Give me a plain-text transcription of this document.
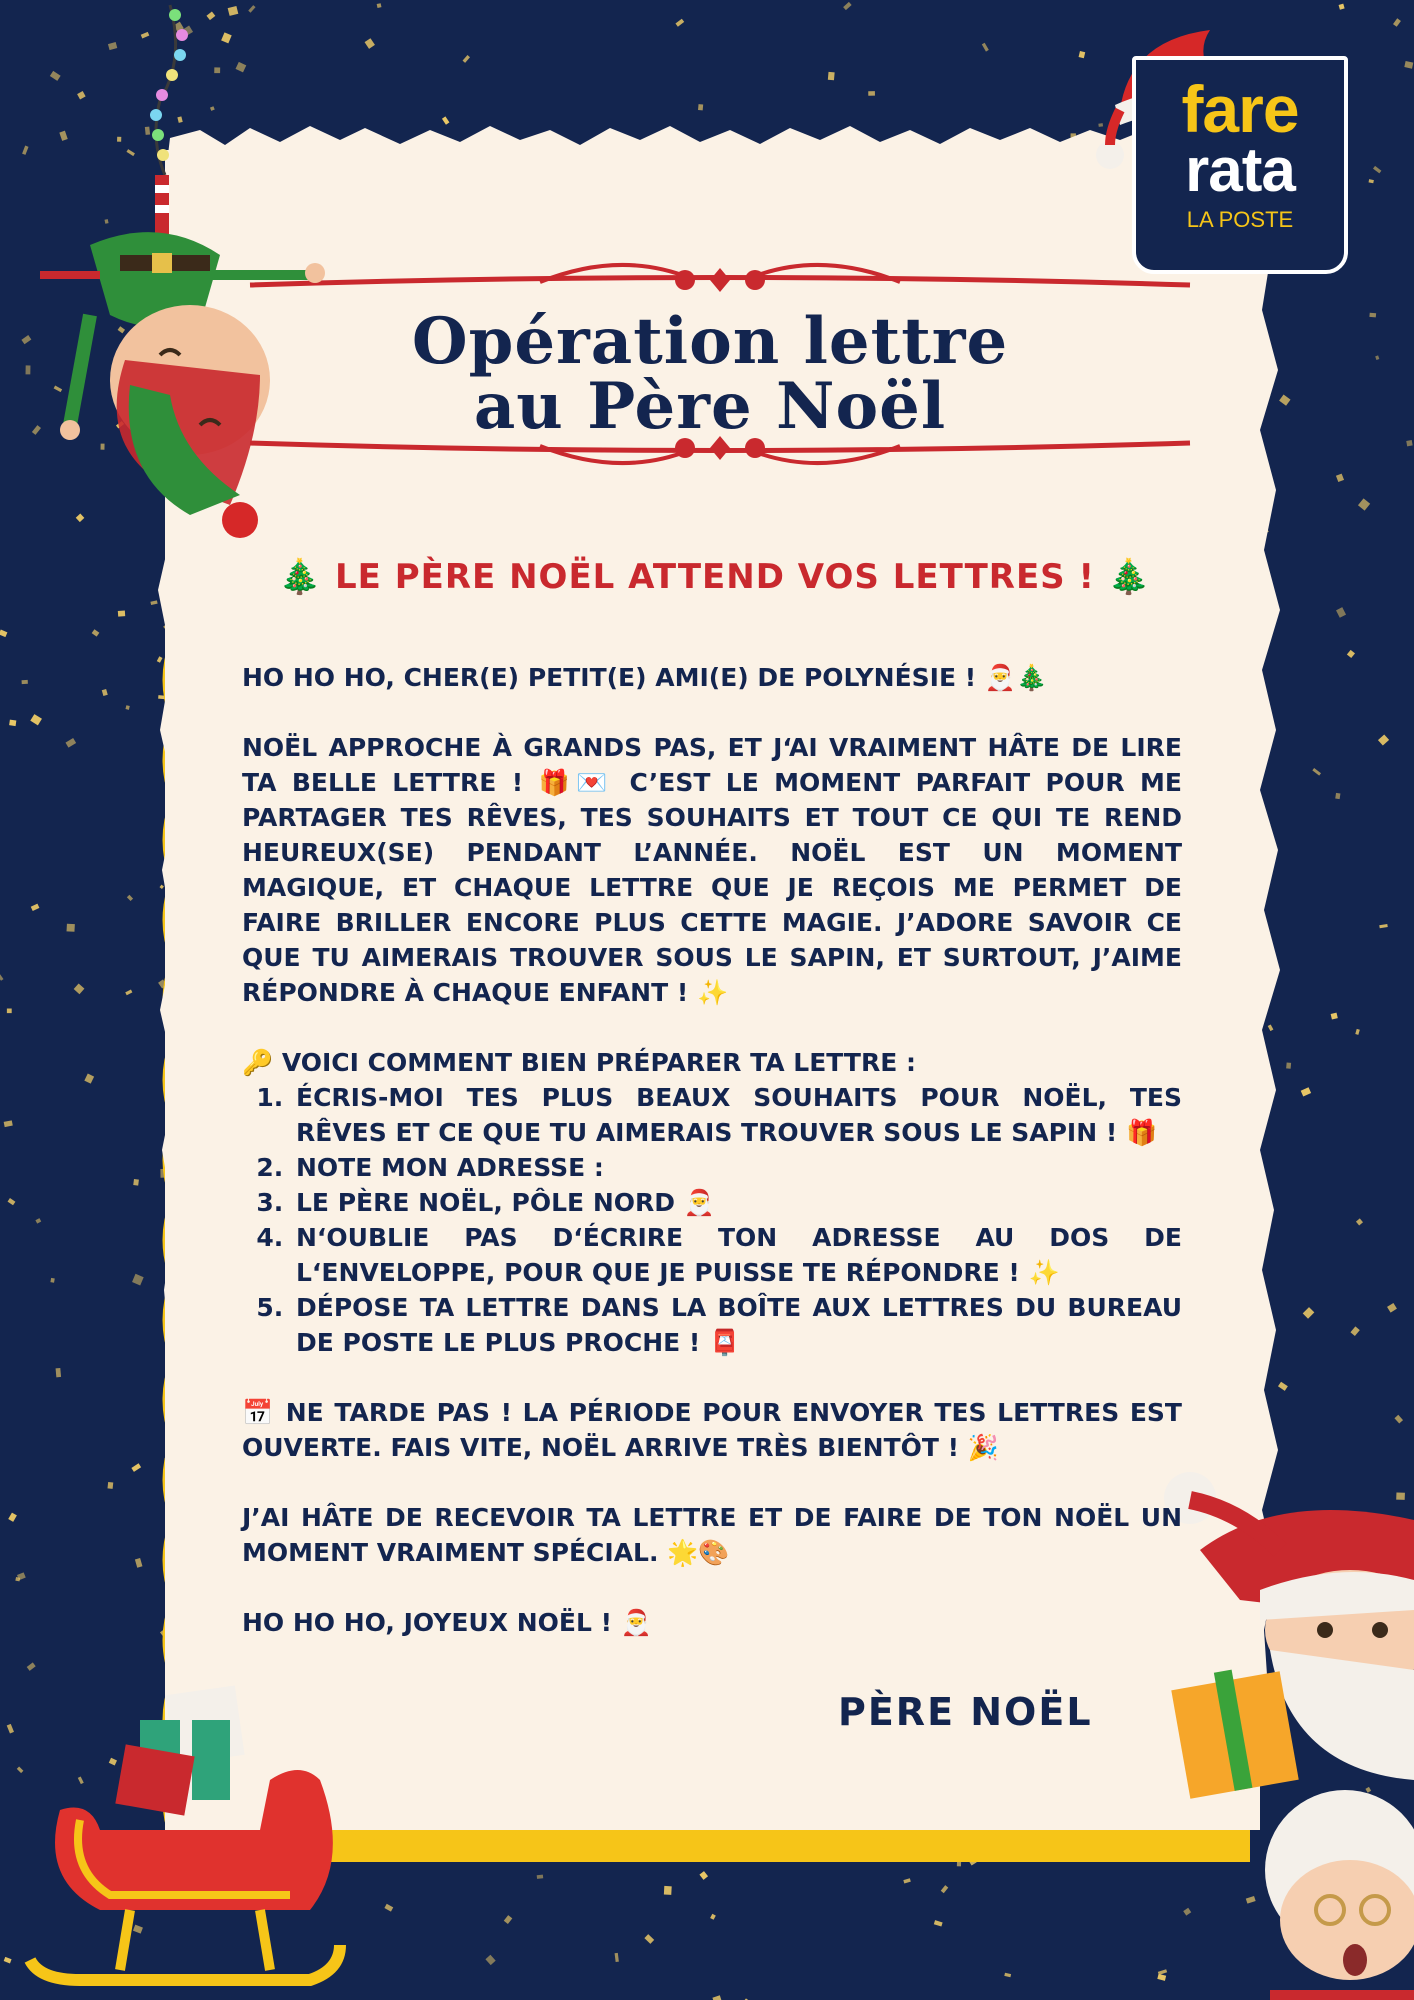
fare
rata
LA POSTE
Opération lettre
au Père Noël
🎄 LE PÈRE NOËL ATTEND VOS LETTRES ! 🎄

HO HO HO, CHER(E) PETIT(E) AMI(E) DE POLYNÉSIE ! 🎅🎄

NOËL APPROCHE À GRANDS PAS, ET J‘AI VRAIMENT HÂTE DE LIRE TA BELLE LETTRE ! 🎁💌 C’EST LE MOMENT PARFAIT POUR ME PARTAGER TES RÊVES, TES SOUHAITS ET TOUT CE QUI TE REND HEUREUX(SE) PENDANT L’ANNÉE. NOËL EST UN MOMENT MAGIQUE, ET CHAQUE LETTRE QUE JE REÇOIS ME PERMET DE FAIRE BRILLER ENCORE PLUS CETTE MAGIE. J’ADORE SAVOIR CE QUE TU AIMERAIS TROUVER SOUS LE SAPIN, ET SURTOUT, J’AIME RÉPONDRE À CHAQUE ENFANT ! ✨

🔑 VOICI COMMENT BIEN PRÉPARER TA LETTRE :

1. ÉCRIS-MOI TES PLUS BEAUX SOUHAITS POUR NOËL, TES RÊVES ET CE QUE TU AIMERAIS TROUVER SOUS LE SAPIN ! 🎁
2. NOTE MON ADRESSE :
3. LE PÈRE NOËL, PÔLE NORD 🎅
4. N‘OUBLIE PAS D‘ÉCRIRE TON ADRESSE AU DOS DE L‘ENVELOPPE, POUR QUE JE PUISSE TE RÉPONDRE ! ✨
5. DÉPOSE TA LETTRE DANS LA BOÎTE AUX LETTRES DU BUREAU DE POSTE LE PLUS PROCHE ! 📮

📅 NE TARDE PAS ! LA PÉRIODE POUR ENVOYER TES LETTRES EST OUVERTE. FAIS VITE, NOËL ARRIVE TRÈS BIENTÔT ! 🎉

J’AI HÂTE DE RECEVOIR TA LETTRE ET DE FAIRE DE TON NOËL UN MOMENT VRAIMENT SPÉCIAL. 🌟🎨

HO HO HO, JOYEUX NOËL ! 🎅

PÈRE NOËL
